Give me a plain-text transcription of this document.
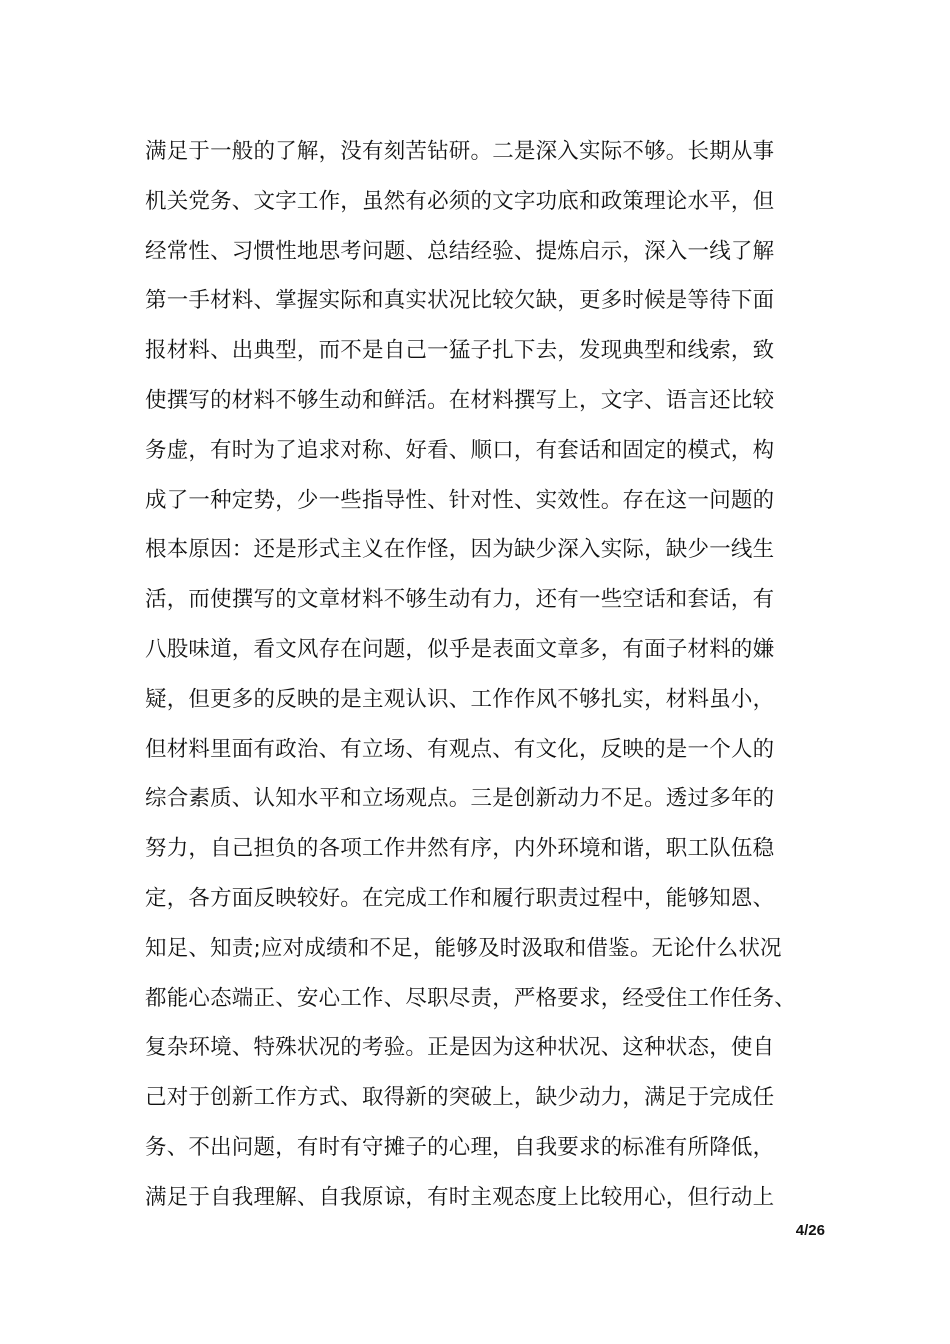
满足于一般的了解，没有刻苦钻研。二是深入实际不够。长期从事
机关党务、文字工作，虽然有必须的文字功底和政策理论水平，但
经常性、习惯性地思考问题、总结经验、提炼启示，深入一线了解
第一手材料、掌握实际和真实状况比较欠缺，更多时候是等待下面
报材料、出典型，而不是自己一猛子扎下去，发现典型和线索，致
使撰写的材料不够生动和鲜活。在材料撰写上，文字、语言还比较
务虚，有时为了追求对称、好看、顺口，有套话和固定的模式，构
成了一种定势，少一些指导性、针对性、实效性。存在这一问题的
根本原因：还是形式主义在作怪，因为缺少深入实际，缺少一线生
活，而使撰写的文章材料不够生动有力，还有一些空话和套话，有
八股味道，看文风存在问题，似乎是表面文章多，有面子材料的嫌
疑，但更多的反映的是主观认识、工作作风不够扎实，材料虽小，
但材料里面有政治、有立场、有观点、有文化，反映的是一个人的
综合素质、认知水平和立场观点。三是创新动力不足。透过多年的
努力，自己担负的各项工作井然有序，内外环境和谐，职工队伍稳
定，各方面反映较好。在完成工作和履行职责过程中，能够知恩、
知足、知责;应对成绩和不足，能够及时汲取和借鉴。无论什么状况
都能心态端正、安心工作、尽职尽责，严格要求，经受住工作任务、
复杂环境、特殊状况的考验。正是因为这种状况、这种状态，使自
己对于创新工作方式、取得新的突破上，缺少动力，满足于完成任
务、不出问题，有时有守摊子的心理，自我要求的标准有所降低，
满足于自我理解、自我原谅，有时主观态度上比较用心，但行动上
4/26
